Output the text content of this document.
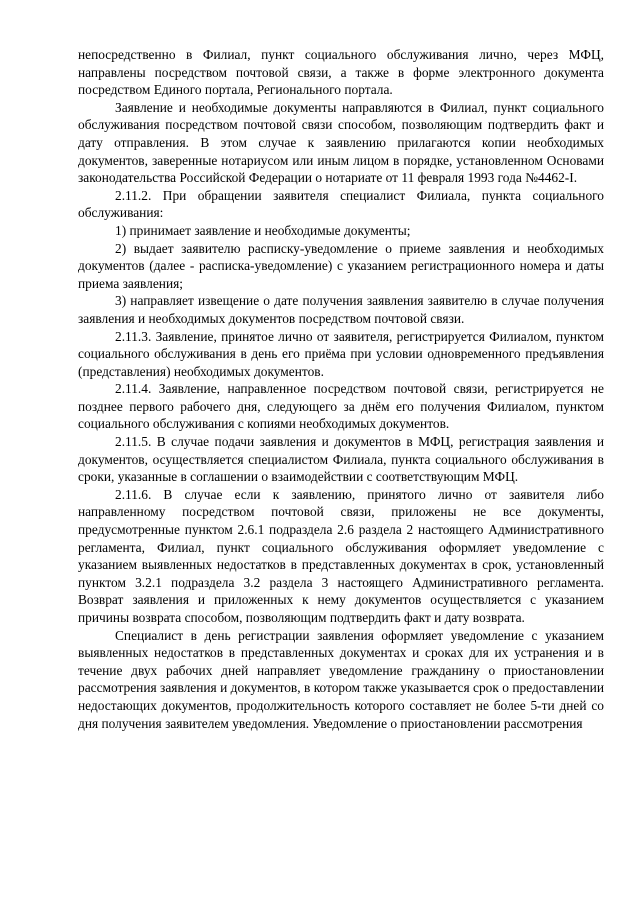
непосредственно в Филиал, пункт социального обслуживания лично, через МФЦ, направлены посредством почтовой связи, а также в форме электронного документа посредством Единого портала, Регионального портала.

Заявление и необходимые документы направляются в Филиал, пункт социального обслуживания посредством почтовой связи способом, позволяющим подтвердить факт и дату отправления. В этом случае к заявлению прилагаются копии необходимых документов, заверенные нотариусом или иным лицом в порядке, установленном Основами законодательства Российской Федерации о нотариате от 11 февраля 1993 года №4462-I.

2.11.2. При обращении заявителя специалист Филиала, пункта социального обслуживания:

1) принимает заявление и необходимые документы;

2) выдает заявителю расписку-уведомление о приеме заявления и необходимых документов (далее - расписка-уведомление) с указанием регистрационного номера и даты приема заявления;

3) направляет извещение о дате получения заявления заявителю в случае получения заявления и необходимых документов посредством почтовой связи.

2.11.3. Заявление, принятое лично от заявителя, регистрируется Филиалом, пунктом социального обслуживания в день его приёма при условии одновременного предъявления (представления) необходимых документов.

2.11.4. Заявление, направленное посредством почтовой связи, регистрируется не позднее первого рабочего дня, следующего за днём его получения Филиалом, пунктом социального обслуживания с копиями необходимых документов.

2.11.5. В случае подачи заявления и документов в МФЦ, регистрация заявления и документов, осуществляется специалистом Филиала, пункта социального обслуживания в сроки, указанные в соглашении о взаимодействии с соответствующим МФЦ.

2.11.6. В случае если к заявлению, принятого лично от заявителя либо направленному посредством почтовой связи, приложены не все документы, предусмотренные пунктом 2.6.1 подраздела 2.6 раздела 2 настоящего Административного регламента, Филиал, пункт социального обслуживания оформляет уведомление с указанием выявленных недостатков в представленных документах в срок, установленный пунктом 3.2.1 подраздела 3.2 раздела 3 настоящего Административного регламента. Возврат заявления и приложенных к нему документов осуществляется с указанием причины возврата способом, позволяющим подтвердить факт и дату возврата.

Специалист в день регистрации заявления оформляет уведомление с указанием выявленных недостатков в представленных документах и сроках для их устранения и в течение двух рабочих дней направляет уведомление гражданину о приостановлении рассмотрения заявления и документов, в котором также указывается срок о предоставлении недостающих документов, продолжительность которого составляет не более 5-ти дней со дня получения заявителем уведомления. Уведомление о приостановлении рассмотрения
